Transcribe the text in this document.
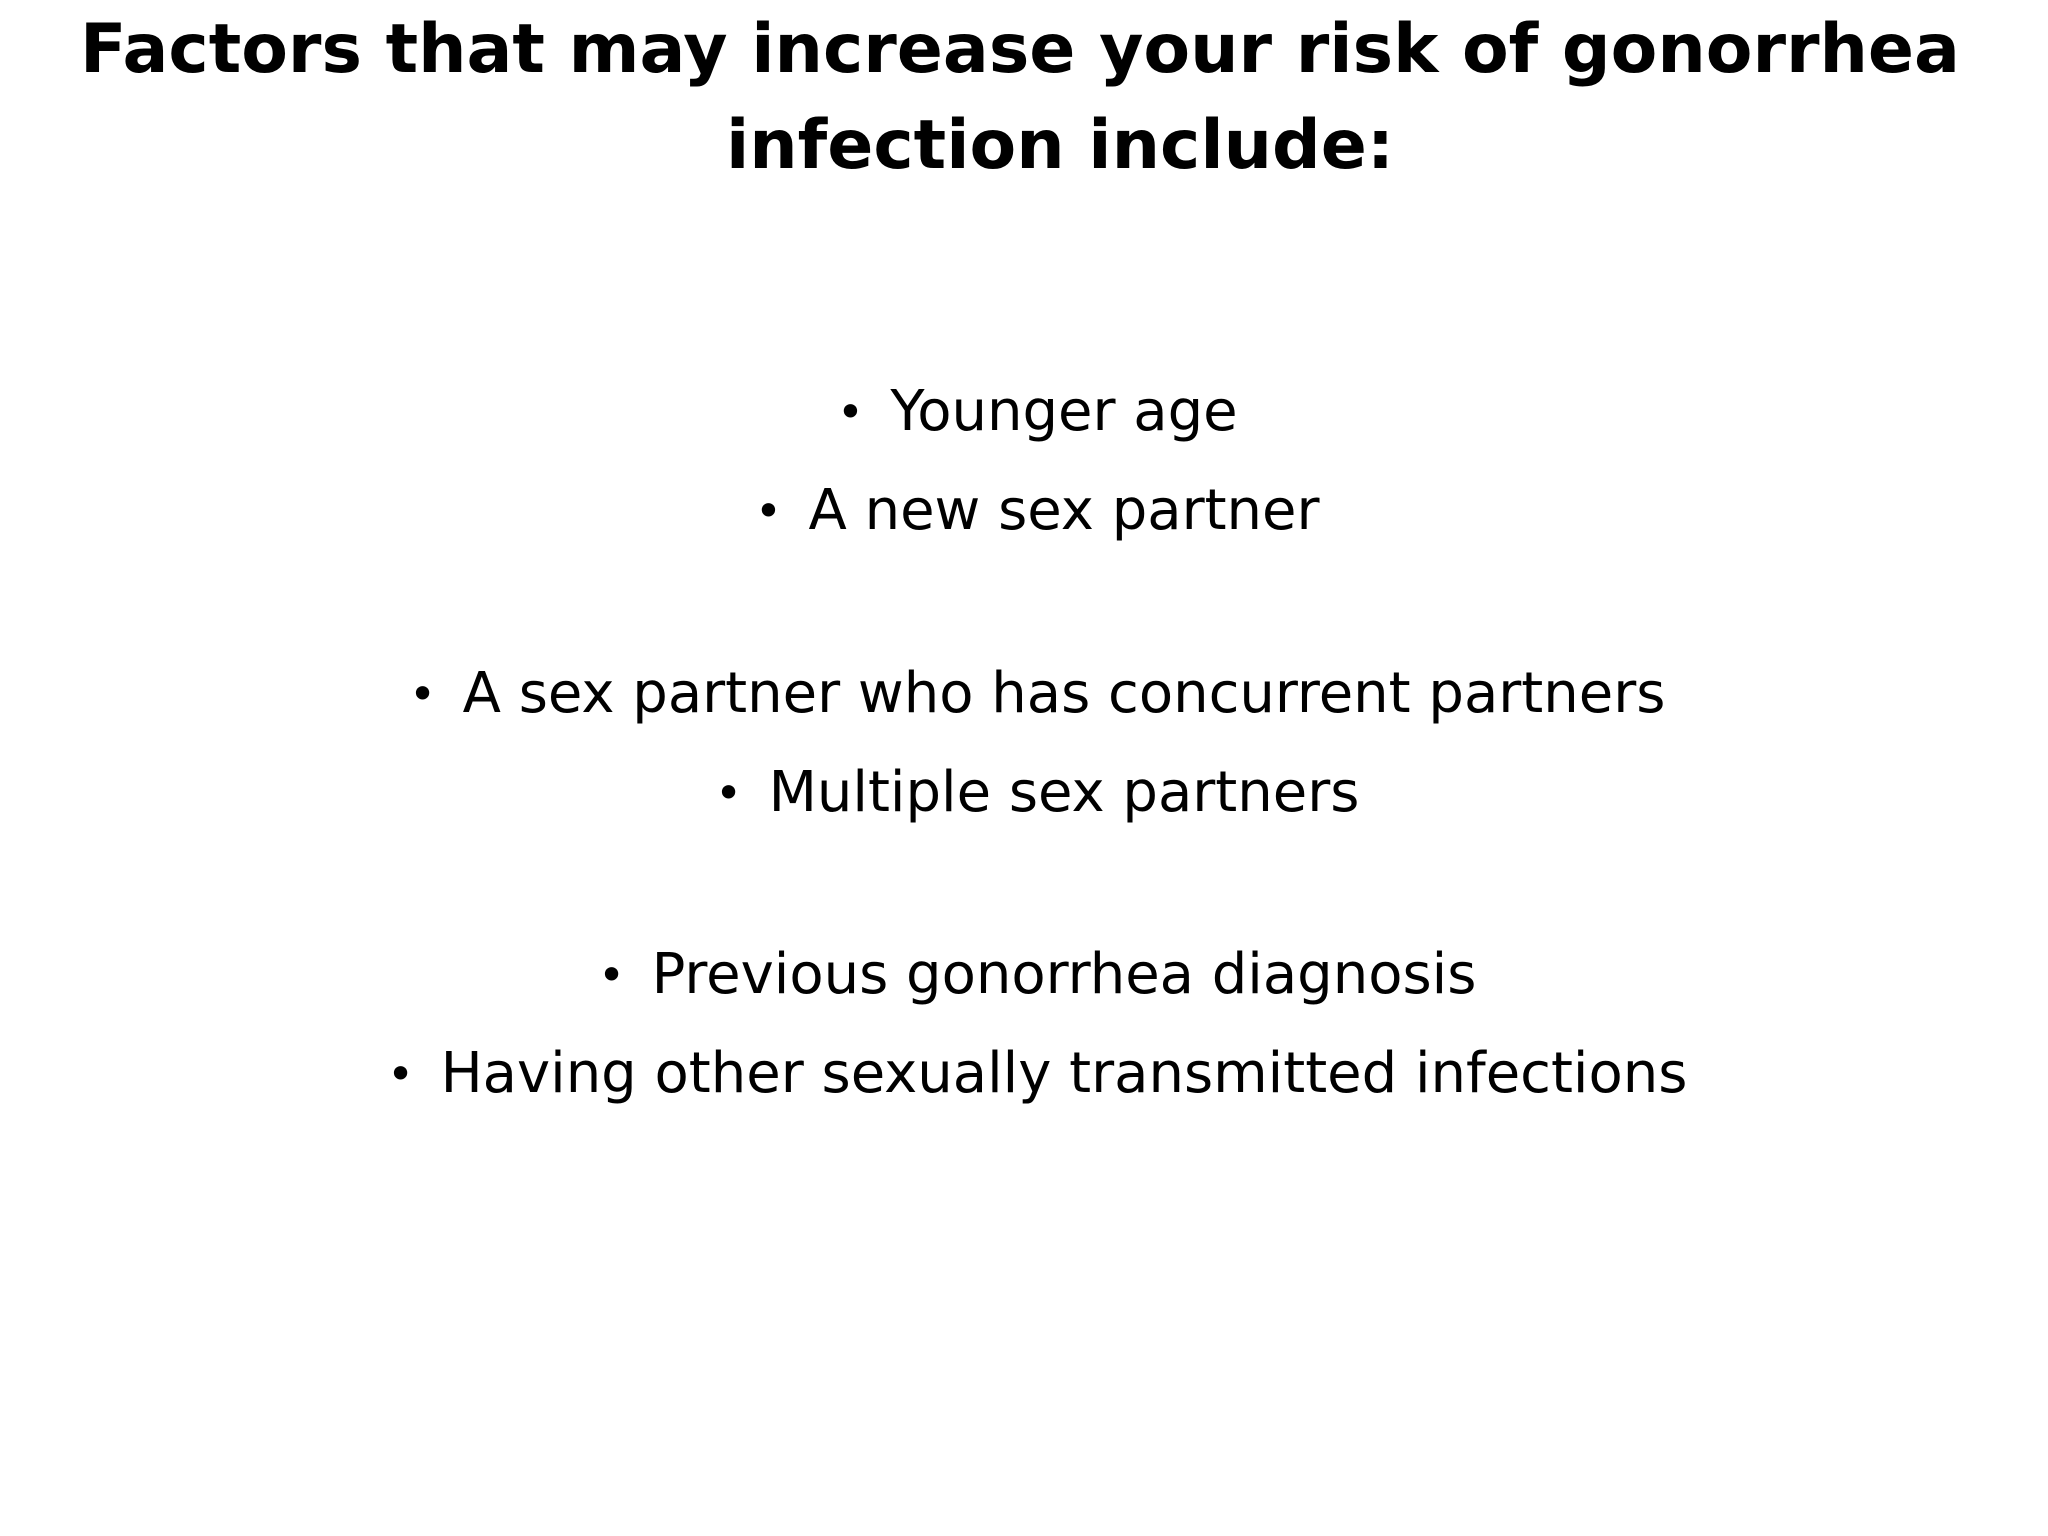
Factors that may increase your risk of gonorrhea
infection include:
• Younger age
• A new sex partner
• A sex partner who has concurrent partners
• Multiple sex partners
• Previous gonorrhea diagnosis
• Having other sexually transmitted infections
